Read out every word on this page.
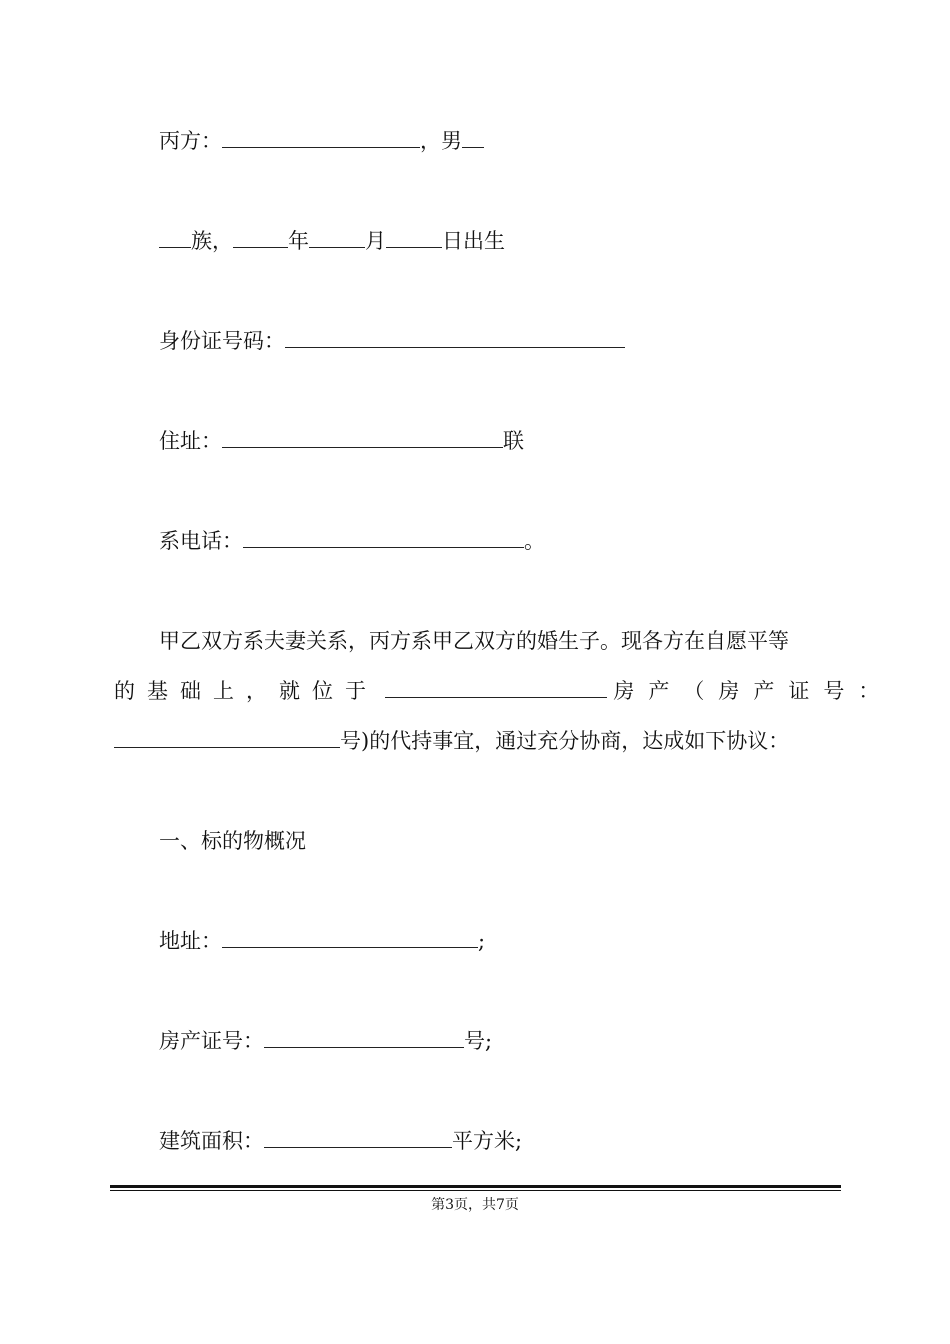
丙方：	，男
族，	年	月	日出生
身份证号码：
住址：	联
系电话：	。
甲乙双方系夫妻关系，丙方系甲乙双方的婚生子。现各方在自愿平等
的基础上，就位于	房产（房产证号：
号)的代持事宜，通过充分协商，达成如下协议：
一、标的物概况
地址：	;
房产证号：	号;
建筑面积：	平方米;
第3页，共7页
